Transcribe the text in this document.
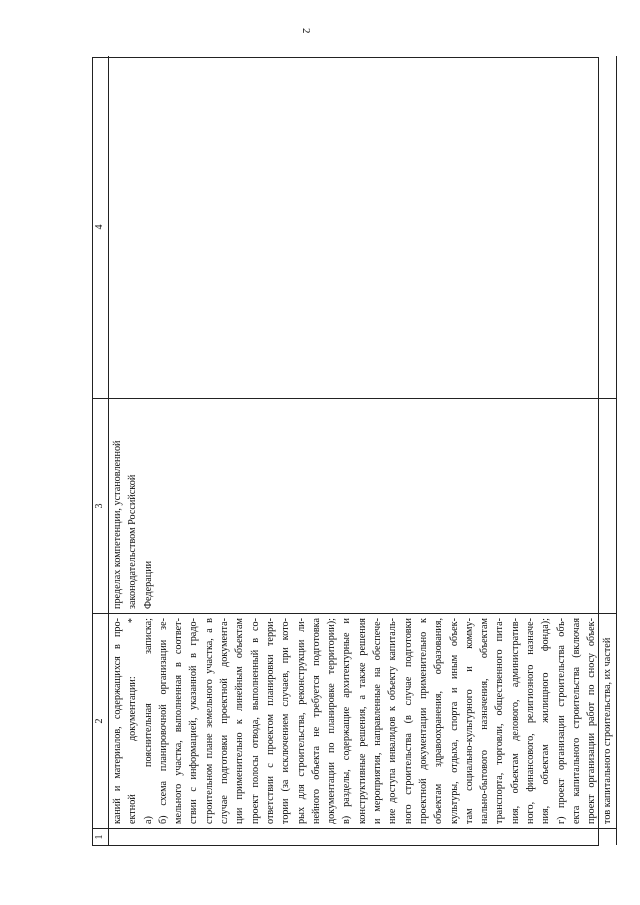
2
1
2
3
4

каний и материалов, содержащихся в про- ектной документации: * а) пояснительная записка; б) схема планировочной организации зе- мельного участка, выполненная в соответ- ствии с информацией, указанной в градо- строительном плане земельного участка, а в случае подготовки проектной документа- ции применительно к линейным объектам проект полосы отвода, выполненный в со- ответствии с проектом планировки терри- тории (за исключением случаев, при кото- рых для строительства, реконструкции ли- нейного объекта не требуется подготовка документации по планировке территории); в) разделы, содержащие архитектурные и конструктивные решения, а также решения и мероприятия, направленные на обеспече- ние доступа инвалидов к объекту капиталь- ного строительства (в случае подготовки проектной документации применительно к объектам здравоохранения, образования, культуры, отдыха, спорта и иным объек- там социально-культурного и комму- нально-бытового назначения, объектам транспорта, торговли, общественного пита- ния, объектам делового, административ- ного, финансового, религиозного назначе- ния, объектам жилищного фонда); г) проект организации строительства объ- екта капитального строительства (включая проект организации работ по сносу объек- тов капитального строительства, их частей

пределах компетенции, установленной законодательством Российской Федерации
